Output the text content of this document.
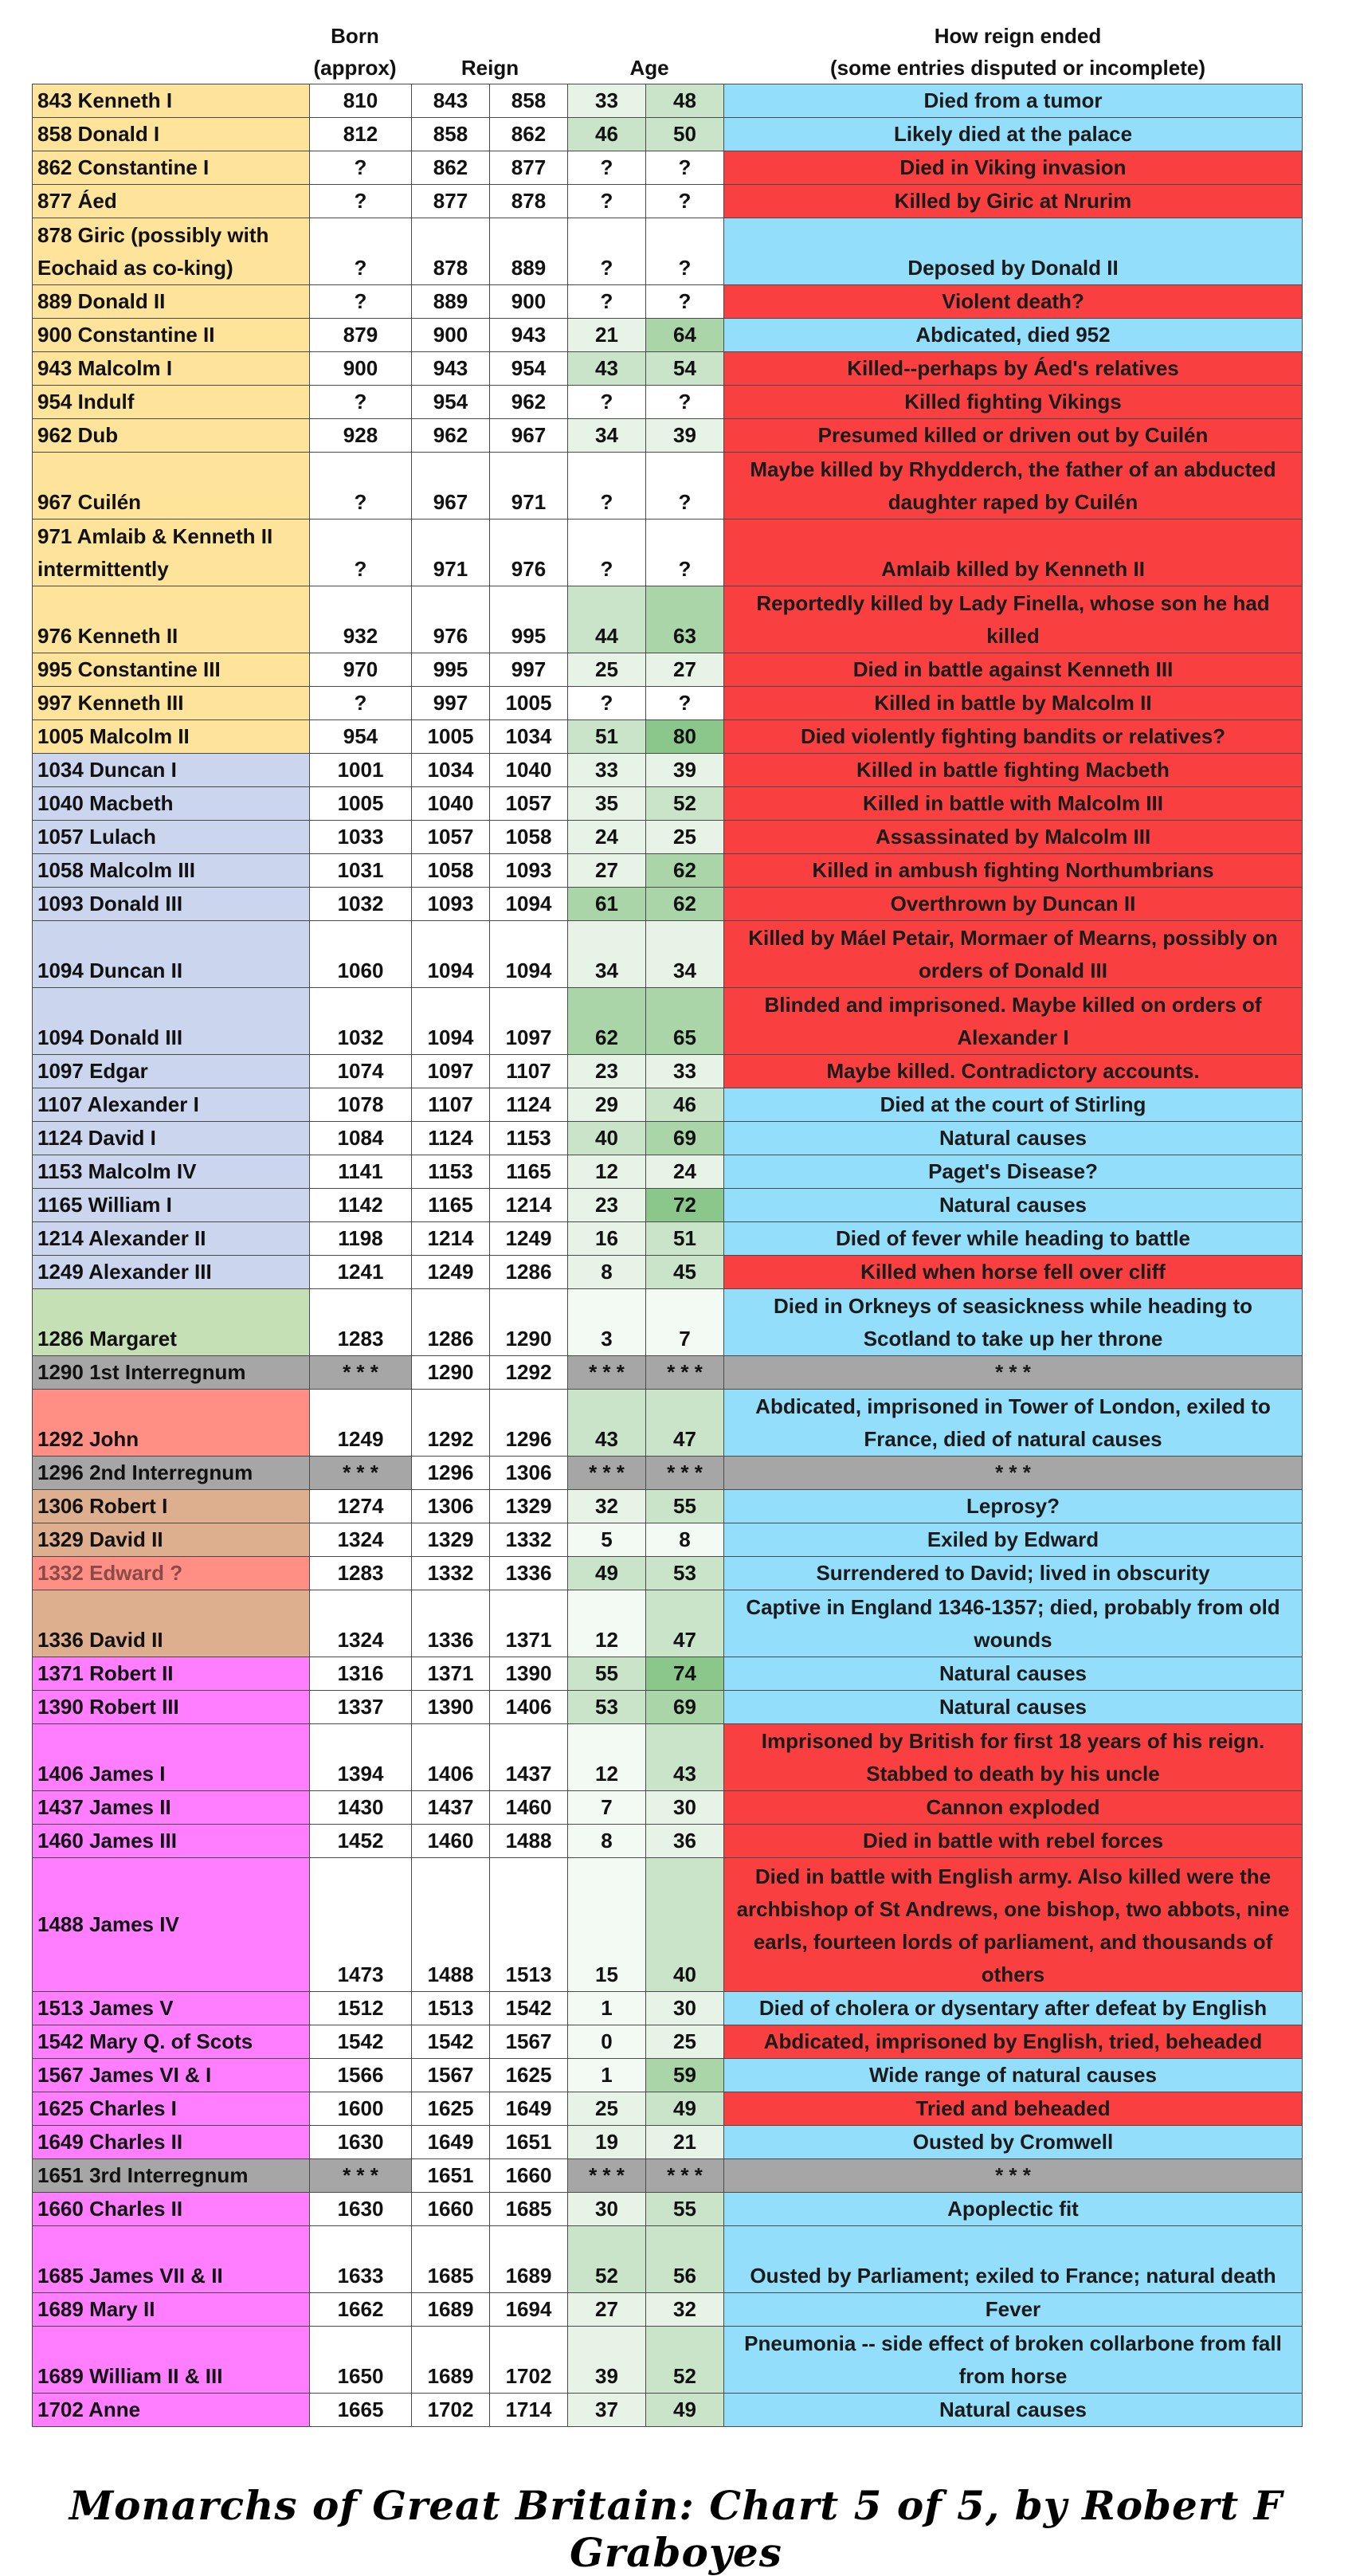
Born
(approx)	Reign	Age
How reign ended
(some entries disputed or incomplete)
843 Kenneth I	810	843	858	33	48	Died from a tumor
858 Donald I	812	858	862	46	50	Likely died at the palace
862 Constantine I	?	862	877	?	?	Died in Viking invasion
877 Áed	?	877	878	?	?	Killed by Giric at Nrurim
878 Giric (possibly with Eochaid as co-king)	?	878	889	?	?	Deposed by Donald II
889 Donald II	?	889	900	?	?	Violent death?
900 Constantine II	879	900	943	21	64	Abdicated, died 952
943 Malcolm I	900	943	954	43	54	Killed--perhaps by Áed's relatives
954 Indulf	?	954	962	?	?	Killed fighting Vikings
962 Dub	928	962	967	34	39	Presumed killed or driven out by Cuilén
967 Cuilén	?	967	971	?	?	Maybe killed by Rhydderch, the father of an abducted daughter raped by Cuilén
971 Amlaib & Kenneth II intermittently	?	971	976	?	?	Amlaib killed by Kenneth II
976 Kenneth II	932	976	995	44	63	Reportedly killed by Lady Finella, whose son he had killed
995 Constantine III	970	995	997	25	27	Died in battle against Kenneth III
997 Kenneth III	?	997	1005	?	?	Killed in battle by Malcolm II
1005 Malcolm II	954	1005	1034	51	80	Died violently fighting bandits or relatives?
1034 Duncan I	1001	1034	1040	33	39	Killed in battle fighting Macbeth
1040 Macbeth	1005	1040	1057	35	52	Killed in battle with Malcolm III
1057 Lulach	1033	1057	1058	24	25	Assassinated by Malcolm III
1058 Malcolm III	1031	1058	1093	27	62	Killed in ambush fighting Northumbrians
1093 Donald III	1032	1093	1094	61	62	Overthrown by Duncan II
1094 Duncan II	1060	1094	1094	34	34	Killed by Máel Petair, Mormaer of Mearns, possibly on orders of Donald III
1094 Donald III	1032	1094	1097	62	65	Blinded and imprisoned. Maybe killed on orders of Alexander I
1097 Edgar	1074	1097	1107	23	33	Maybe killed. Contradictory accounts.
1107 Alexander I	1078	1107	1124	29	46	Died at the court of Stirling
1124 David I	1084	1124	1153	40	69	Natural causes
1153 Malcolm IV	1141	1153	1165	12	24	Paget's Disease?
1165 William I	1142	1165	1214	23	72	Natural causes
1214 Alexander II	1198	1214	1249	16	51	Died of fever while heading to battle
1249 Alexander III	1241	1249	1286	8	45	Killed when horse fell over cliff
1286 Margaret	1283	1286	1290	3	7	Died in Orkneys of seasickness while heading to Scotland to take up her throne
1290 1st Interregnum	* * *	1290	1292	* * *	* * *	* * *
1292 John	1249	1292	1296	43	47	Abdicated, imprisoned in Tower of London, exiled to France, died of natural causes
1296 2nd Interregnum	* * *	1296	1306	* * *	* * *	* * *
1306 Robert I	1274	1306	1329	32	55	Leprosy?
1329 David II	1324	1329	1332	5	8	Exiled by Edward
1332 Edward ?	1283	1332	1336	49	53	Surrendered to David; lived in obscurity
1336 David II	1324	1336	1371	12	47	Captive in England 1346-1357; died, probably from old wounds
1371 Robert II	1316	1371	1390	55	74	Natural causes
1390 Robert III	1337	1390	1406	53	69	Natural causes
1406 James I	1394	1406	1437	12	43	Imprisoned by British for first 18 years of his reign. Stabbed to death by his uncle
1437 James II	1430	1437	1460	7	30	Cannon exploded
1460 James III	1452	1460	1488	8	36	Died in battle with rebel forces
1488 James IV	1473	1488	1513	15	40	Died in battle with English army. Also killed were the archbishop of St Andrews, one bishop, two abbots, nine earls, fourteen lords of parliament, and thousands of others
1513 James V	1512	1513	1542	1	30	Died of cholera or dysentary after defeat by English
1542 Mary Q. of Scots	1542	1542	1567	0	25	Abdicated, imprisoned by English, tried, beheaded
1567 James VI & I	1566	1567	1625	1	59	Wide range of natural causes
1625 Charles I	1600	1625	1649	25	49	Tried and beheaded
1649 Charles II	1630	1649	1651	19	21	Ousted by Cromwell
1651 3rd Interregnum	* * *	1651	1660	* * *	* * *	* * *
1660 Charles II	1630	1660	1685	30	55	Apoplectic fit
1685 James VII & II	1633	1685	1689	52	56	Ousted by Parliament; exiled to France; natural death
1689 Mary II	1662	1689	1694	27	32	Fever
1689 William II & III	1650	1689	1702	39	52	Pneumonia -- side effect of broken collarbone from fall from horse
1702 Anne	1665	1702	1714	37	49	Natural causes
Monarchs of Great Britain: Chart 5 of 5, by Robert F Graboyes
